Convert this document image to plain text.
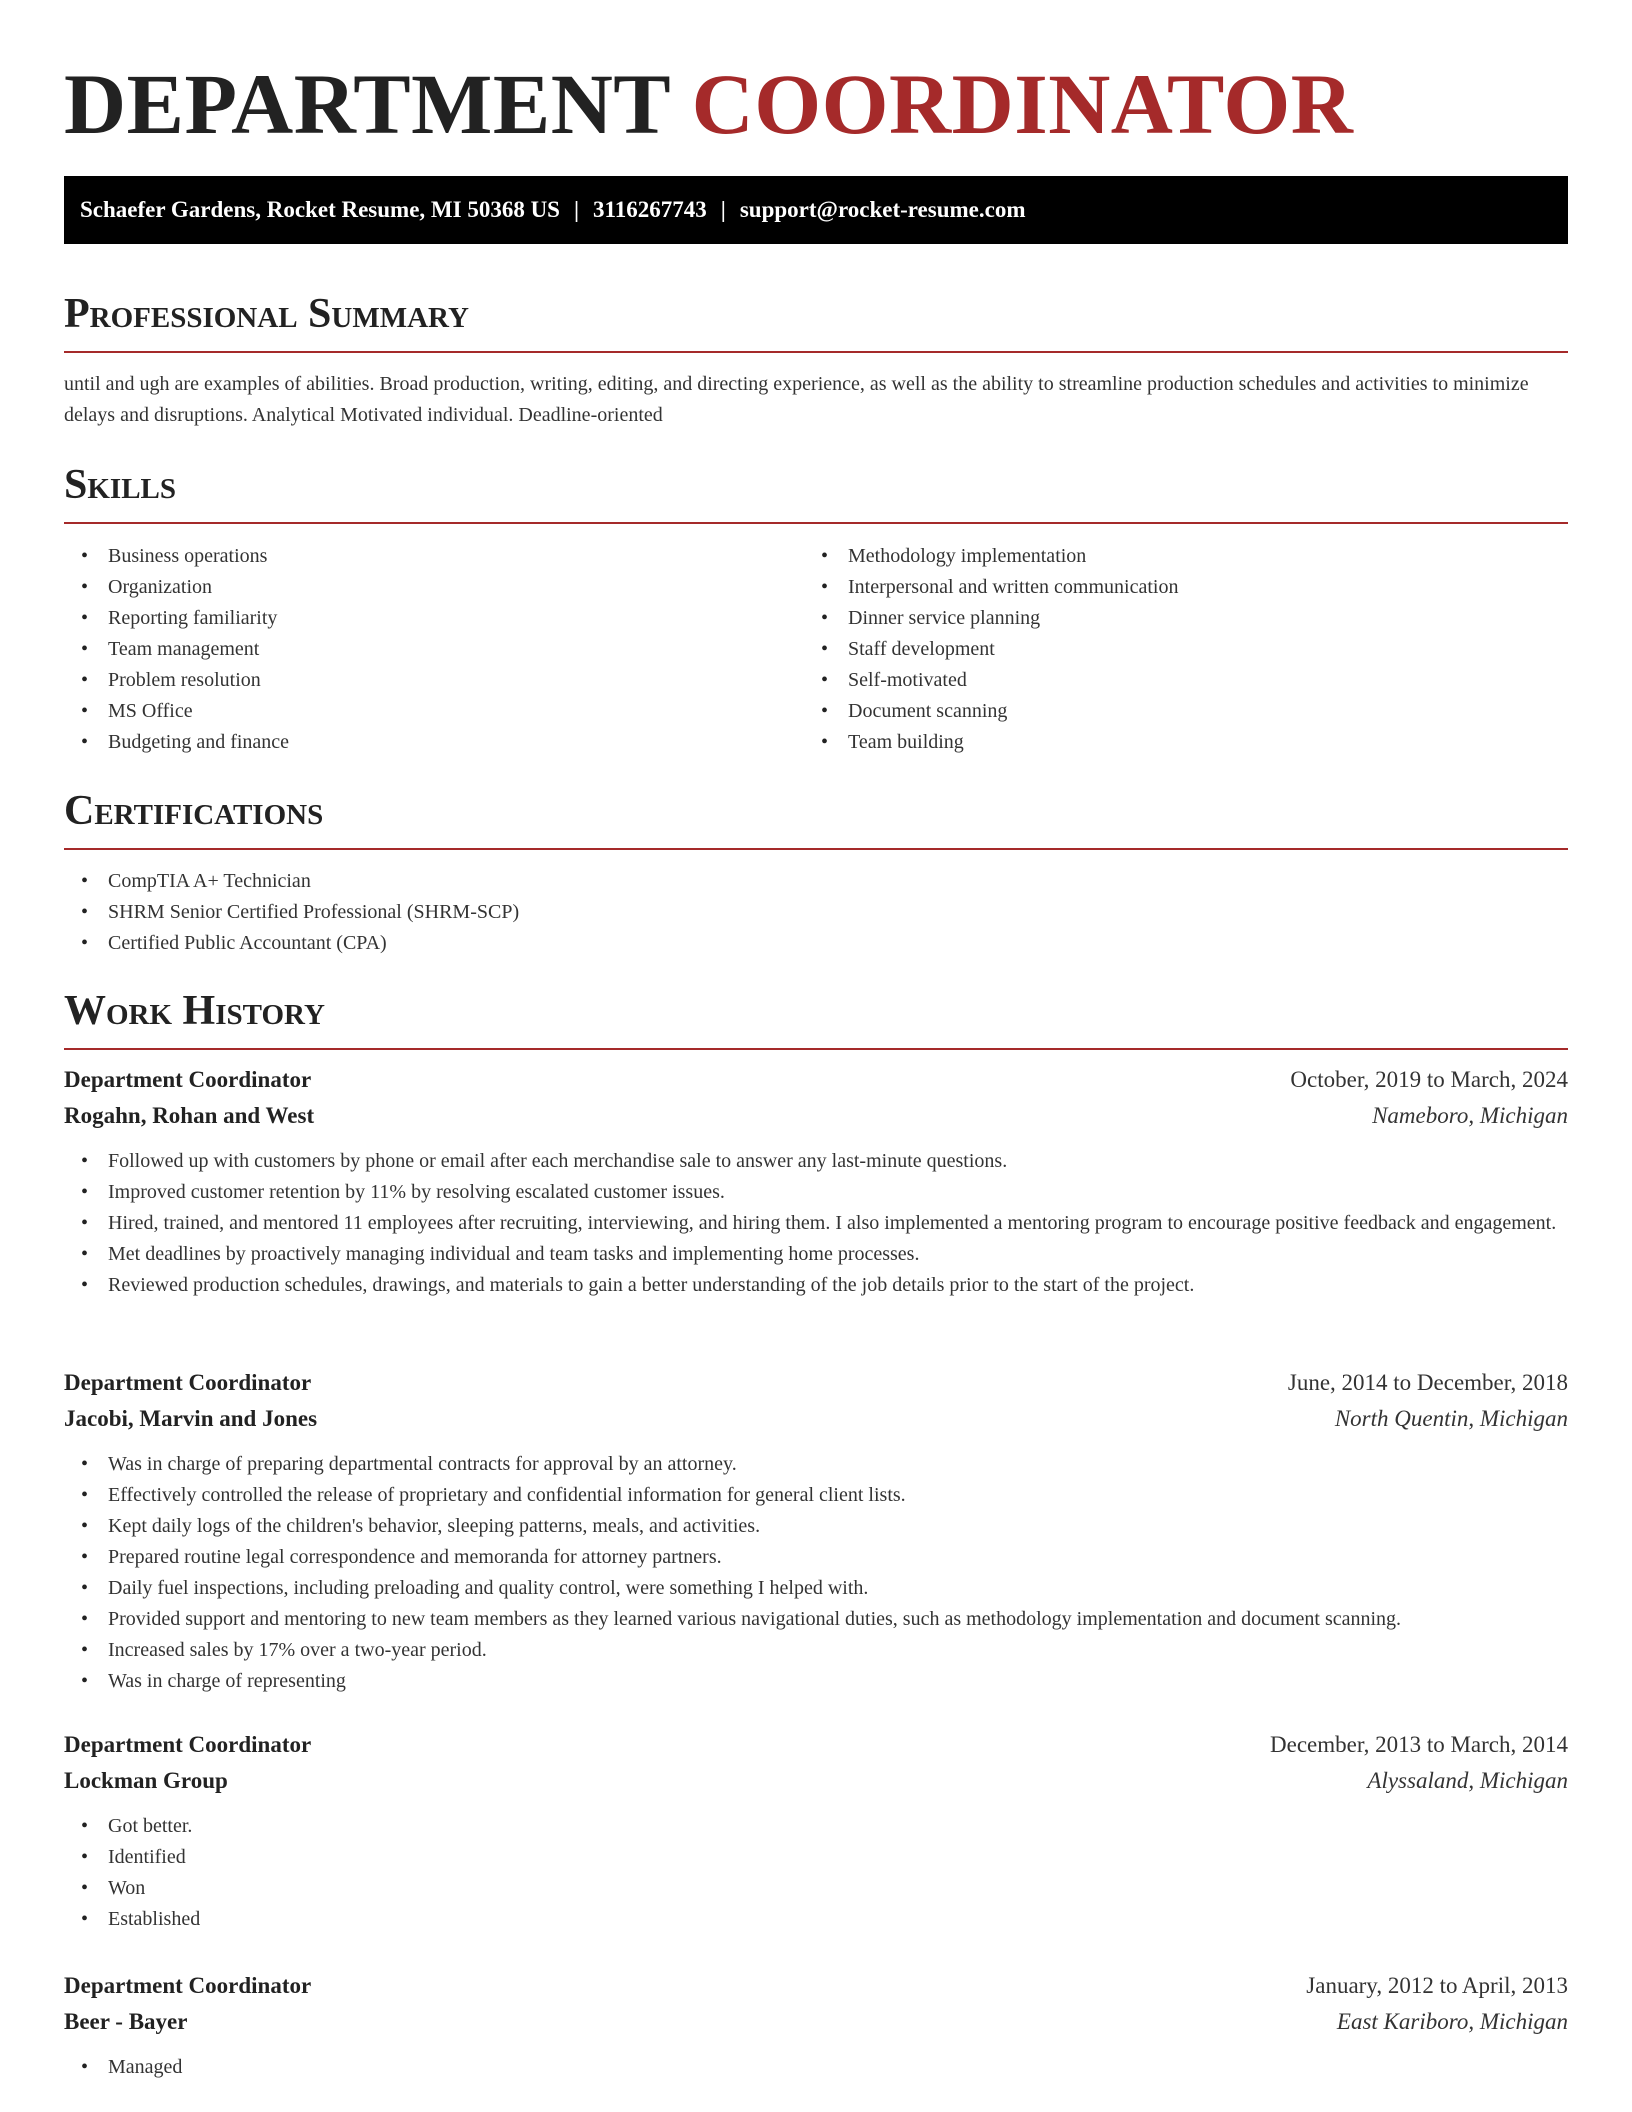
DEPARTMENT COORDINATOR
Schaefer Gardens, Rocket Resume, MI 50368 US | 3116267743 | support@rocket-resume.com
Professional Summary

until and ugh are examples of abilities. Broad production, writing, editing, and directing experience, as well as the ability to streamline production schedules and activities to minimize delays and disruptions. Analytical Motivated individual. Deadline-oriented

Skills
• Business operations
• Organization
• Reporting familiarity
• Team management
• Problem resolution
• MS Office
• Budgeting and finance
• Methodology implementation
• Interpersonal and written communication
• Dinner service planning
• Staff development
• Self-motivated
• Document scanning
• Team building
Certifications
• CompTIA A+ Technician
• SHRM Senior Certified Professional (SHRM-SCP)
• Certified Public Accountant (CPA)
Work History
Department Coordinator	October, 2019 to March, 2024
Rogahn, Rohan and West	Nameboro, Michigan
• Followed up with customers by phone or email after each merchandise sale to answer any last-minute questions.
• Improved customer retention by 11% by resolving escalated customer issues.
• Hired, trained, and mentored 11 employees after recruiting, interviewing, and hiring them. I also implemented a mentoring program to encourage positive feedback and engagement.
• Met deadlines by proactively managing individual and team tasks and implementing home processes.
• Reviewed production schedules, drawings, and materials to gain a better understanding of the job details prior to the start of the project.
Department Coordinator	June, 2014 to December, 2018
Jacobi, Marvin and Jones	North Quentin, Michigan
• Was in charge of preparing departmental contracts for approval by an attorney.
• Effectively controlled the release of proprietary and confidential information for general client lists.
• Kept daily logs of the children's behavior, sleeping patterns, meals, and activities.
• Prepared routine legal correspondence and memoranda for attorney partners.
• Daily fuel inspections, including preloading and quality control, were something I helped with.
• Provided support and mentoring to new team members as they learned various navigational duties, such as methodology implementation and document scanning.
• Increased sales by 17% over a two-year period.
• Was in charge of representing
Department Coordinator	December, 2013 to March, 2014
Lockman Group	Alyssaland, Michigan
• Got better.
• Identified
• Won
• Established
Department Coordinator	January, 2012 to April, 2013
Beer - Bayer	East Kariboro, Michigan
• Managed
